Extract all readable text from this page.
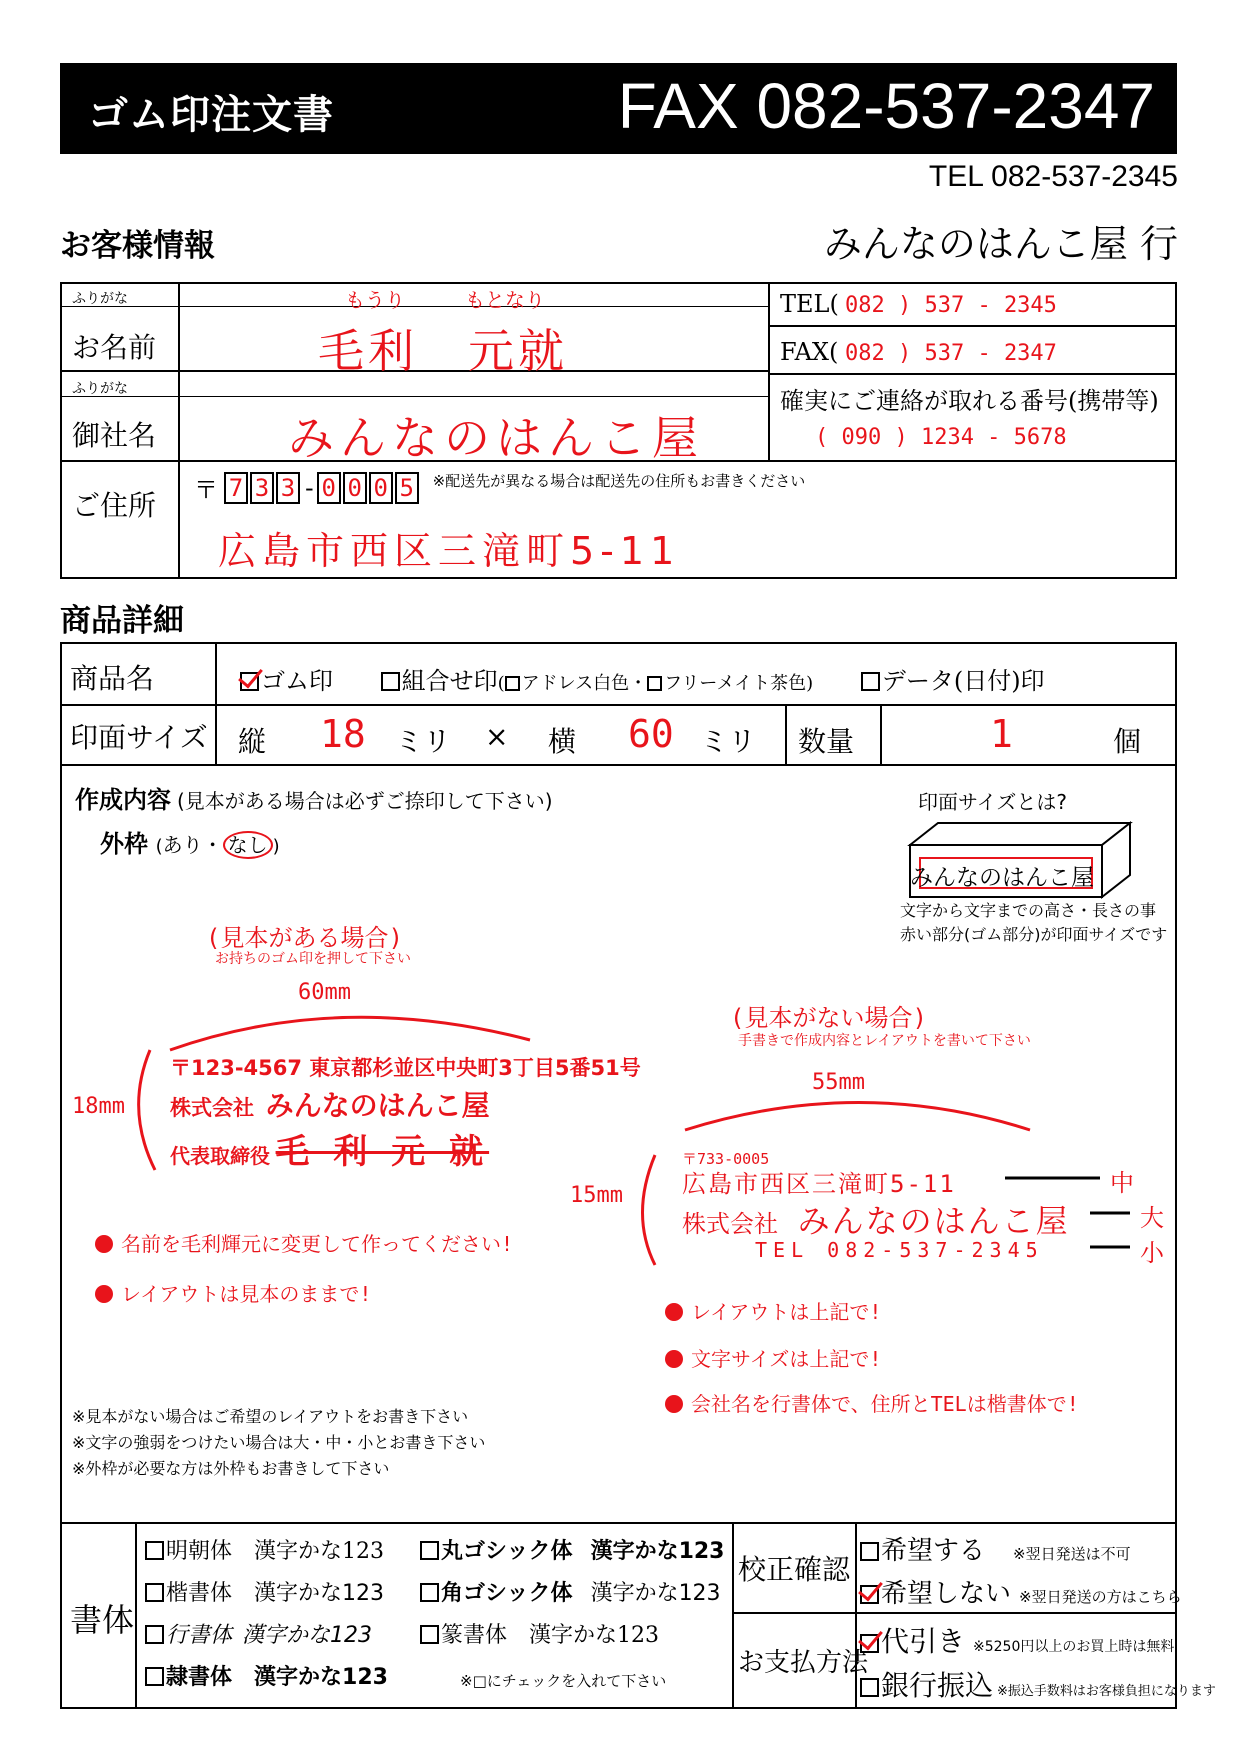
ゴム印注文書	FAX 082-537-2347
TEL 082-537-2345
お客様情報	みんなのはんこ屋 行
ふりがな	もうり　　　もとなり
お名前	毛利　元就
ふりがな
御社名	みんなのはんこ屋
TEL( 082 ) 537 - 2345
FAX( 082 ) 537 - 2347
確実にご連絡が取れる番号(携帯等)
( 090 ) 1234 - 5678
ご住所 〒 7 3 3 - 0 0 0 5	※配送先が異なる場合は配送先の住所もお書きください
広島市西区三滝町5-11
商品詳細
商品名	ゴム印	組合せ印( アドレス白色・ フリーメイト茶色)	データ(日付)印
印面サイズ 縦 18 ミリ × 横 60 ミリ 数量	1	個
作成内容 (見本がある場合は必ずご捺印して下さい)
外枠 (あり・ なし )
印面サイズとは?
みんなのはんこ屋
文字から文字までの高さ・長さの事
赤い部分(ゴム部分)が印面サイズです
(見本がある場合)
お持ちのゴム印を押して下さい
60mm
18mm
〒123-4567 東京都杉並区中央町3丁目5番51号
株式会社 みんなのはんこ屋
代表取締役 毛 利 元 就
名前を毛利輝元に変更して作ってください!
レイアウトは見本のままで!
(見本がない場合)
手書きで作成内容とレイアウトを書いて下さい
55mm
15mm
〒733-0005
広島市西区三滝町5-11
株式会社 みんなのはんこ屋
TEL 082-537-2345
中
大
小
レイアウトは上記で!
文字サイズは上記で!
会社名を行書体で、住所とTELは楷書体で!
※見本がない場合はご希望のレイアウトをお書き下さい
※文字の強弱をつけたい場合は大・中・小とお書き下さい
※外枠が必要な方は外枠もお書きして下さい
書体
明朝体 漢字かな123	丸ゴシック体 漢字かな123
楷書体 漢字かな123	角ゴシック体 漢字かな123
行書体 漢字かな123	篆書体 漢字かな123
隷書体 漢字かな123	※□にチェックを入れて下さい
校正確認
希望する ※翌日発送は不可
希望しない ※翌日発送の方はこちら
お支払方法
代引き ※5250円以上のお買上時は無料
銀行振込 ※振込手数料はお客様負担になります
